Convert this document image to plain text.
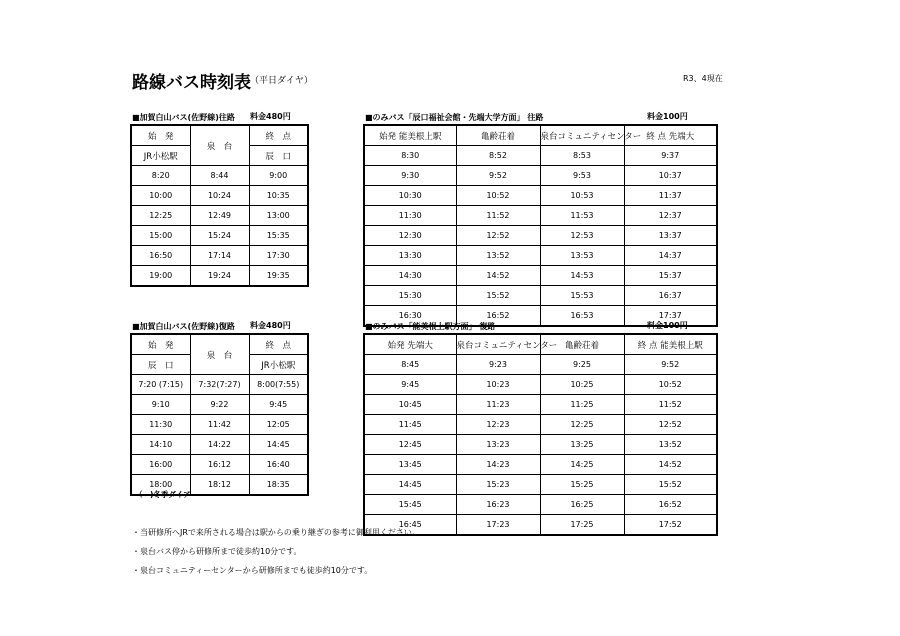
路線バス時刻表 （平日ダイヤ）	R3、4現在
■加賀白山バス(佐野線)往路 料金480円
始　発	泉　台	終　点
JR小松駅		辰　口
8:20	8:44	9:00
10:00	10:24	10:35
12:25	12:49	13:00
15:00	15:24	15:35
16:50	17:14	17:30
19:00	19:24	19:35
■加賀白山バス(佐野線)復路 料金480円
始　発	泉　台	終　点
辰　口		JR小松駅
7:20 (7:15)	7:32(7:27)	8:00(7:55)
9:10	9:22	9:45
11:30	11:42	12:05
14:10	14:22	14:45
16:00	16:12	16:40
18:00	18:12	18:35
（　)冬季ダイア
■のみバス「辰口福祉会館・先端大学方面」 往路	料金100円
始発 能美根上駅	亀齢荘着	泉台コミュニティセンター	終 点 先端大
8:30	8:52	8:53	9:37
9:30	9:52	9:53	10:37
10:30	10:52	10:53	11:37
11:30	11:52	11:53	12:37
12:30	12:52	12:53	13:37
13:30	13:52	13:53	14:37
14:30	14:52	14:53	15:37
15:30	15:52	15:53	16:37
16:30	16:52	16:53	17:37
■のみバス「能美根上駅方面」 復路	料金100円
始発 先端大	泉台コミュニティセンター	亀齢荘着	終 点 能美根上駅
8:45	9:23	9:25	9:52
9:45	10:23	10:25	10:52
10:45	11:23	11:25	11:52
11:45	12:23	12:25	12:52
12:45	13:23	13:25	13:52
13:45	14:23	14:25	14:52
14:45	15:23	15:25	15:52
15:45	16:23	16:25	16:52
16:45	17:23	17:25	17:52
・当研修所へJRで来所される場合は駅からの乗り継ぎの参考に御利用ください。
・泉台バス停から研修所まで徒歩約10分です。
・泉台コミュニティーセンターから研修所までも徒歩約10分です。
